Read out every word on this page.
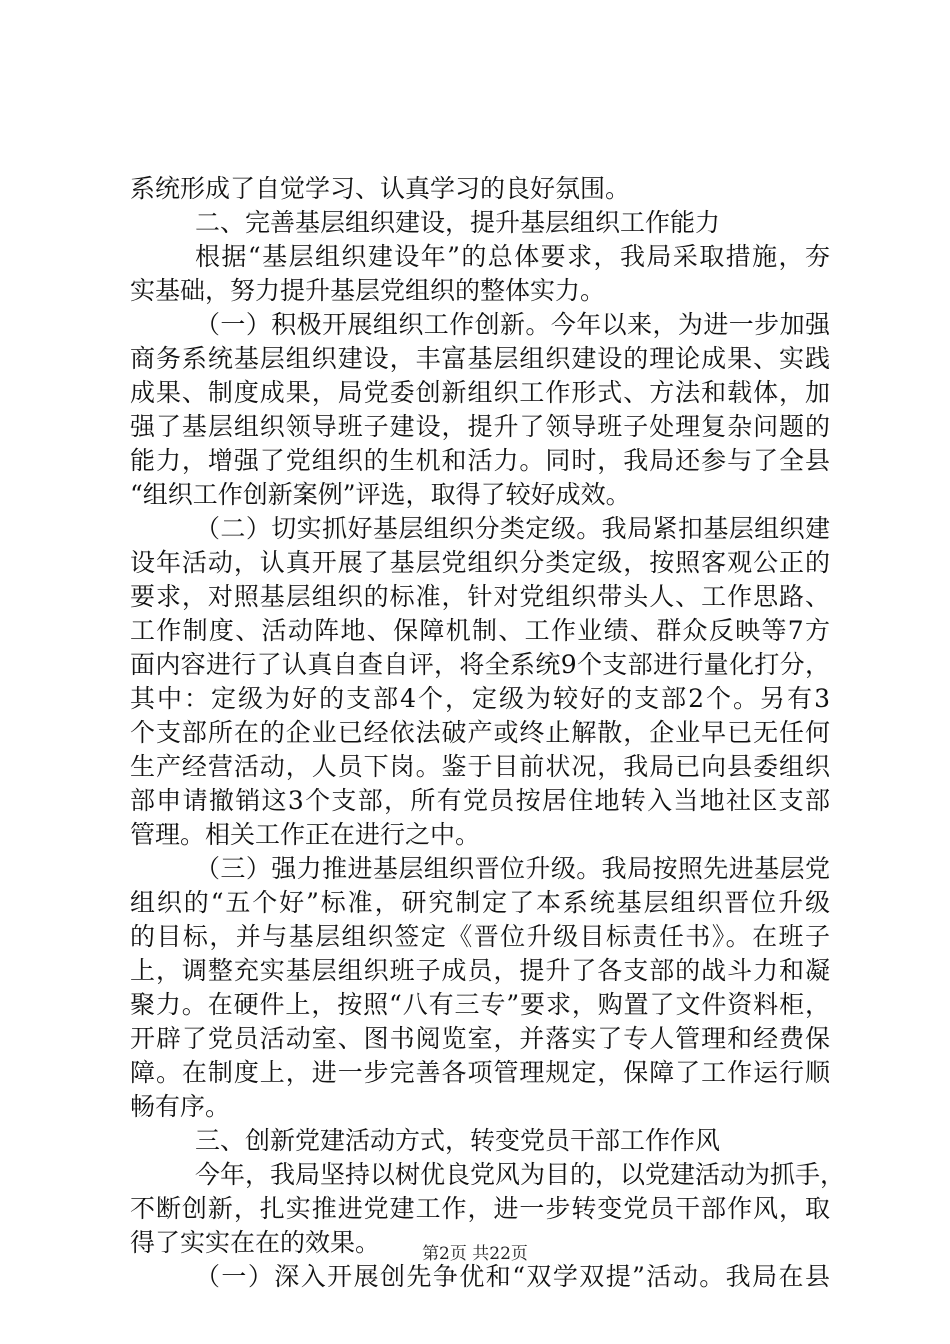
系统形成了自觉学习、认真学习的良好氛围。
二、完善基层组织建设，提升基层组织工作能力
根据“基层组织建设年”的总体要求，我局采取措施，夯
实基础，努力提升基层党组织的整体实力。
（一）积极开展组织工作创新。今年以来，为进一步加强
商务系统基层组织建设，丰富基层组织建设的理论成果、实践
成果、制度成果，局党委创新组织工作形式、方法和载体，加
强了基层组织领导班子建设，提升了领导班子处理复杂问题的
能力，增强了党组织的生机和活力。同时，我局还参与了全县
“组织工作创新案例”评选，取得了较好成效。
（二）切实抓好基层组织分类定级。我局紧扣基层组织建
设年活动，认真开展了基层党组织分类定级，按照客观公正的
要求，对照基层组织的标准，针对党组织带头人、工作思路、
工作制度、活动阵地、保障机制、工作业绩、群众反映等7方
面内容进行了认真自查自评，将全系统9个支部进行量化打分，
其中：定级为好的支部4个，定级为较好的支部2个。另有3
个支部所在的企业已经依法破产或终止解散，企业早已无任何
生产经营活动，人员下岗。鉴于目前状况，我局已向县委组织
部申请撤销这3个支部，所有党员按居住地转入当地社区支部
管理。相关工作正在进行之中。
（三）强力推进基层组织晋位升级。我局按照先进基层党
组织的“五个好”标准，研究制定了本系统基层组织晋位升级
的目标，并与基层组织签定《晋位升级目标责任书》。在班子
上，调整充实基层组织班子成员，提升了各支部的战斗力和凝
聚力。在硬件上，按照“八有三专”要求，购置了文件资料柜，
开辟了党员活动室、图书阅览室，并落实了专人管理和经费保
障。在制度上，进一步完善各项管理规定，保障了工作运行顺
畅有序。
三、创新党建活动方式，转变党员干部工作作风
今年，我局坚持以树优良党风为目的，以党建活动为抓手，
不断创新，扎实推进党建工作，进一步转变党员干部作风，取
得了实实在在的效果。
（一）深入开展创先争优和“双学双提”活动。我局在县
第2页 共22页
